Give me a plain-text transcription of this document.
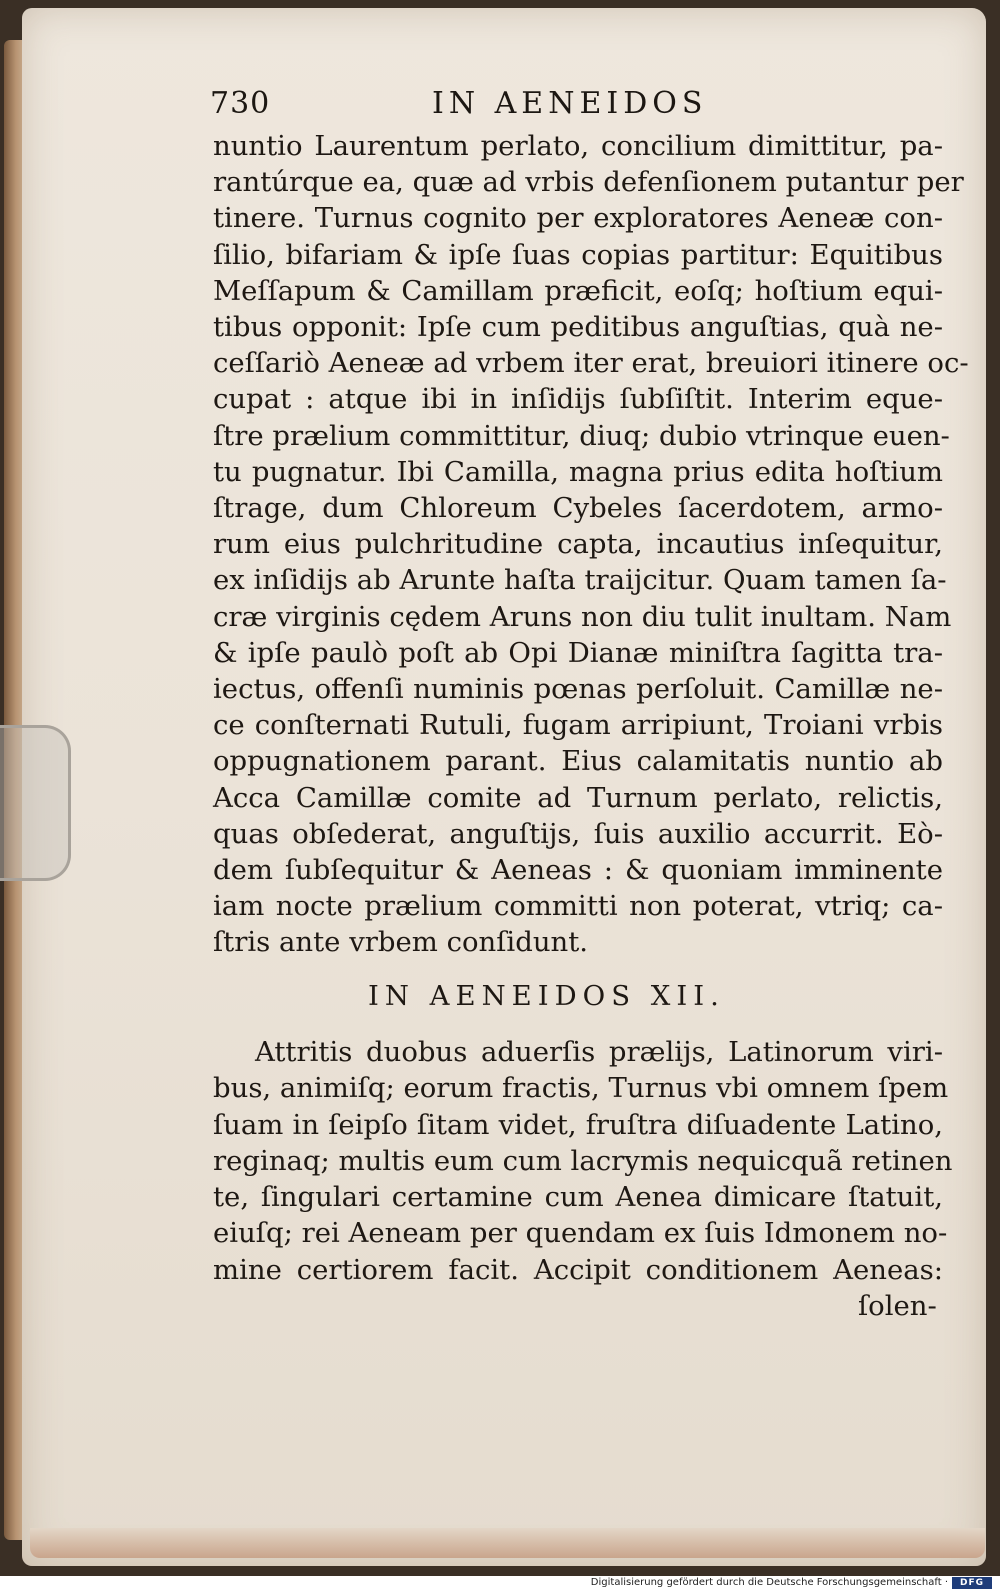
730	IN AENEIDOS
nuntio Laurentum perlato, concilium dimittitur, pa-
rantúrque ea, quæ ad vrbis defenſionem putantur per
tinere. Turnus cognito per exploratores Aeneæ con-
ſilio, bifariam & ipſe ſuas copias partitur: Equitibus
Meſſapum & Camillam præficit, eoſq; hoſtium equi-
tibus opponit: Ipſe cum peditibus anguſtias, quà ne-
ceſſariò Aeneæ ad vrbem iter erat, breuiori itinere oc-
cupat : atque ibi in inſidijs ſubſiſtit. Interim eque-
ſtre prælium committitur, diuq; dubio vtrinque euen-
tu pugnatur. Ibi Camilla, magna prius edita hoſtium
ſtrage, dum Chloreum Cybeles ſacerdotem, armo-
rum eius pulchritudine capta, incautius inſequitur,
ex inſidijs ab Arunte haſta traijcitur. Quam tamen ſa-
cræ virginis cędem Aruns non diu tulit inultam. Nam
& ipſe paulò poſt ab Opi Dianæ miniſtra ſagitta tra-
iectus, offenſi numinis pœnas perſoluit. Camillæ ne-
ce conſternati Rutuli, fugam arripiunt, Troiani vrbis
oppugnationem parant. Eius calamitatis nuntio ab
Acca Camillæ comite ad Turnum perlato, relictis,
quas obſederat, anguſtijs, ſuis auxilio accurrit. Eò-
dem ſubſequitur & Aeneas : & quoniam imminente
iam nocte prælium committi non poterat, vtriq; ca-
ſtris ante vrbem conſidunt.
IN AENEIDOS XII.
Attritis duobus aduerſis prælijs, Latinorum viri-
bus, animiſq; eorum fractis, Turnus vbi omnem ſpem
ſuam in ſeipſo ſitam videt, fruſtra diſuadente Latino,
reginaq; multis eum cum lacrymis nequicquã retinen
te, ſingulari certamine cum Aenea dimicare ſtatuit,
eiuſq; rei Aeneam per quendam ex ſuis Idmonem no-
mine certiorem facit. Accipit conditionem Aeneas:
ſolen-
Digitalisierung gefördert durch die Deutsche Forschungsgemeinschaft ·	DFG
